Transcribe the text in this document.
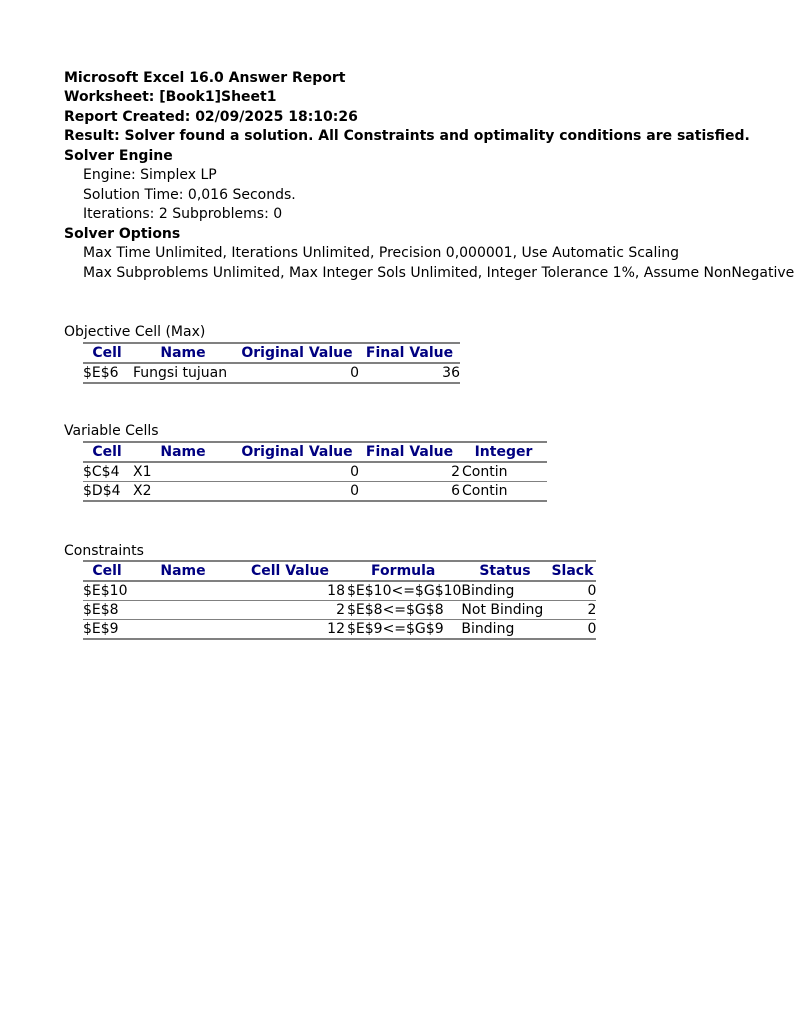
Microsoft Excel 16.0 Answer Report
Worksheet: [Book1]Sheet1
Report Created: 02/09/2025 18:10:26
Result: Solver found a solution. All Constraints and optimality conditions are satisfied.
Solver Engine
Engine: Simplex LP
Solution Time: 0,016 Seconds.
Iterations: 2 Subproblems: 0
Solver Options
Max Time Unlimited, Iterations Unlimited, Precision 0,000001, Use Automatic Scaling
Max Subproblems Unlimited, Max Integer Sols Unlimited, Integer Tolerance 1%, Assume NonNegative
Objective Cell (Max)
Cell	Name	Original Value	Final Value
$E$6	Fungsi tujuan	0	36
Variable Cells
Cell	Name	Original Value	Final Value	Integer
$C$4	X1	0	2	Contin
$D$4	X2	0	6	Contin
Constraints
Cell	Name	Cell Value	Formula	Status	Slack
$E$10		18	$E$10<=$G$10	Binding	0
$E$8		2	$E$8<=$G$8	Not Binding	2
$E$9		12	$E$9<=$G$9	Binding	0
